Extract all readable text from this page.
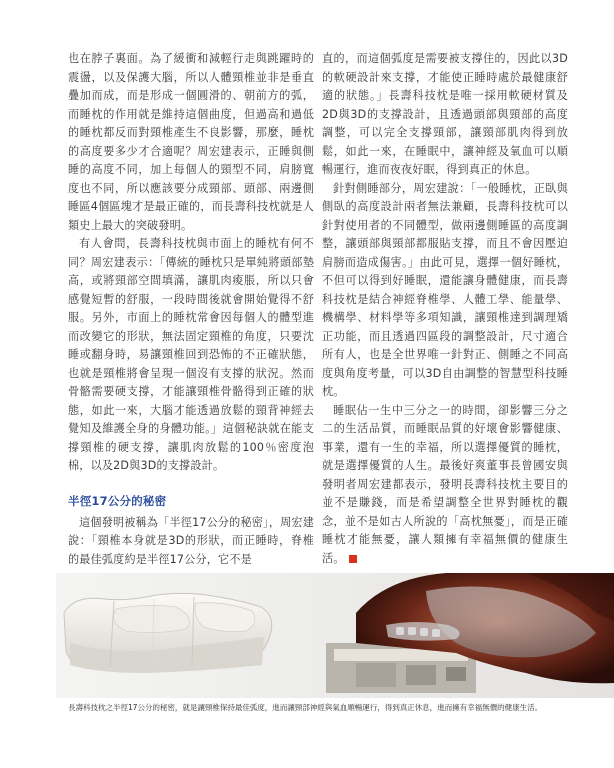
也在脖子裏面。為了緩衝和減輕行走與跳躍時的震盪，以及保護大腦，所以人體頸椎並非是垂直疊加而成，而是形成一個圓滑的、朝前方的弧，而睡枕的作用就是維持這個曲度，但過高和過低的睡枕都反而對頸椎產生不良影響，那麼，睡枕的高度要多少才合適呢？周宏建表示，正睡與側睡的高度不同，加上每個人的頸型不同，肩膀寬度也不同，所以應該要分成頸部、頭部、兩邊側睡區4個區塊才是最正確的，而長壽科技枕就是人類史上最大的突破發明。

有人會問，長壽科技枕與市面上的睡枕有何不同？周宏建表示：「傳統的睡枕只是單純將頭部墊高，或將頸部空間填滿，讓肌肉痠脹，所以只會感覺短暫的舒服，一段時間後就會開始覺得不舒服。另外，市面上的睡枕常會因每個人的體型進而改變它的形狀，無法固定頸椎的角度，只要沈睡或翻身時，易讓頸椎回到恐怖的不正確狀態，也就是頸椎將會呈現一個沒有支撐的狀況。然而骨骼需要硬支撐，才能讓頸椎骨骼得到正確的狀態，如此一來，大腦才能透過放鬆的頸背神經去覺知及維護全身的身體功能。」這個秘訣就在能支撐頸椎的硬支撐，讓肌肉放鬆的100％密度泡棉，以及2D與3D的支撐設計。

半徑17公分的秘密

這個發明被稱為「半徑17公分的秘密」，周宏建說：「頸椎本身就是3D的形狀，而正睡時，脊椎的最佳弧度約是半徑17公分，它不是

直的，而這個弧度是需要被支撐住的，因此以3D的軟硬設計來支撐，才能使正睡時處於最健康舒適的狀態。」長壽科技枕是唯一採用軟硬材質及2D與3D的支撐設計，且透過頭部與頸部的高度調整，可以完全支撐頸部，讓頸部肌肉得到放鬆，如此一來，在睡眠中，讓神經及氧血可以順暢運行，進而夜夜好眠，得到真正的休息。

針對側睡部分，周宏建說：「一般睡枕，正臥與側臥的高度設計兩者無法兼顧，長壽科技枕可以針對使用者的不同體型，做兩邊側睡區的高度調整，讓頭部與頸部都服貼支撐，而且不會因壓迫肩膀而造成傷害。」由此可見，選擇一個好睡枕，不但可以得到好睡眠，還能讓身體健康，而長壽科技枕是結合神經脊椎學、人體工學、能量學、機構學、材料學等多項知識，讓頸椎達到調理矯正功能，而且透過四區段的調整設計，尺寸適合所有人，也是全世界唯一針對正、側睡之不同高度與角度考量，可以3D自由調整的智慧型科技睡枕。

睡眠佔一生中三分之一的時間，卻影響三分之二的生活品質，而睡眠品質的好壞會影響健康、事業，還有一生的幸福，所以選擇優質的睡枕，就是選擇優質的人生。最後好爽董事長曾國安與發明者周宏建都表示，發明長壽科技枕主要目的並不是賺錢，而是希望調整全世界對睡枕的觀念，並不是如古人所說的「高枕無憂」，而是正確睡枕才能無憂，讓人類擁有幸福無價的健康生活。	S

長壽科技枕之半徑17公分的秘密，就是讓頸椎保持最佳弧度，進而讓頸部神經與氣血順暢運行，得到真正休息，進而擁有幸福無價的健康生活。
